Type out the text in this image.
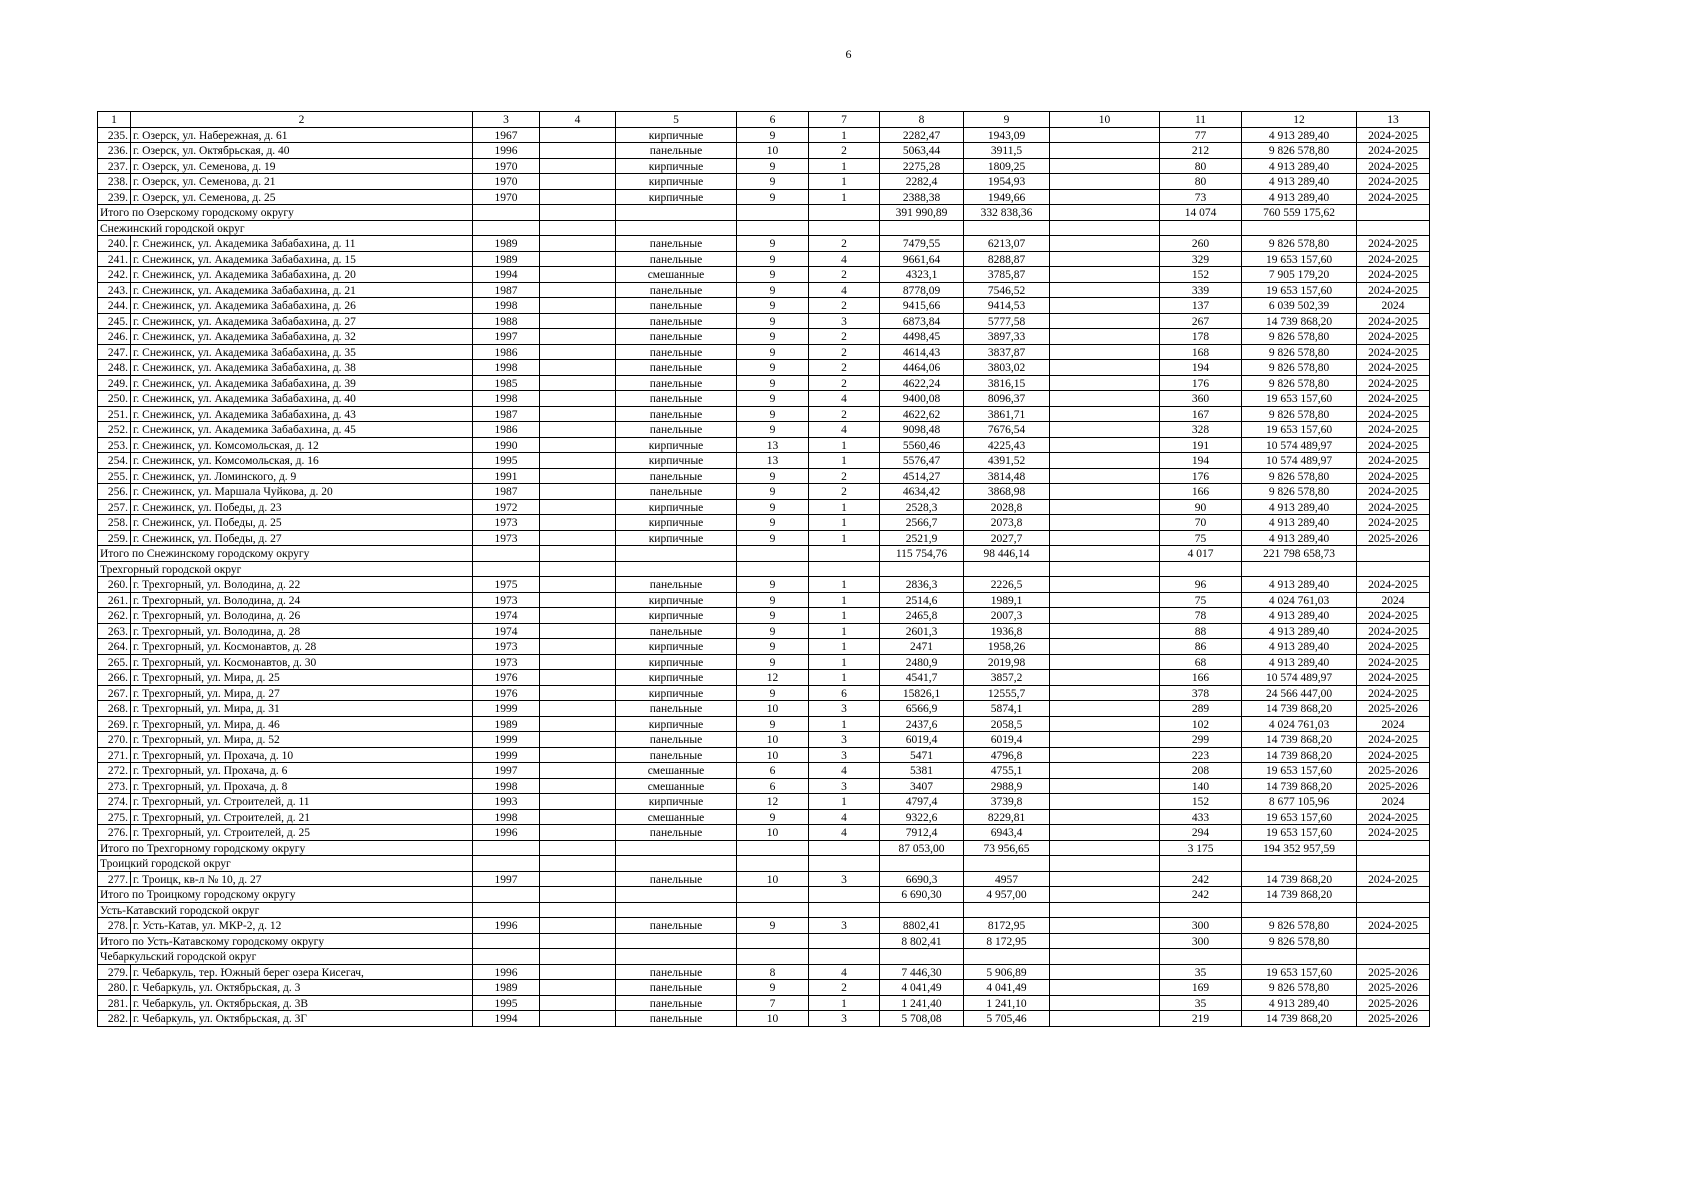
6
1	2	3	4	5	6	7	8	9	10	11	12	13
235.	г. Озерск, ул. Набережная, д. 61	1967		кирпичные	9	1	2282,47	1943,09		77	4 913 289,40	2024-2025
236.	г. Озерск, ул. Октябрьская, д. 40	1996		панельные	10	2	5063,44	3911,5		212	9 826 578,80	2024-2025
237.	г. Озерск, ул. Семенова, д. 19	1970		кирпичные	9	1	2275,28	1809,25		80	4 913 289,40	2024-2025
238.	г. Озерск, ул. Семенова, д. 21	1970		кирпичные	9	1	2282,4	1954,93		80	4 913 289,40	2024-2025
239.	г. Озерск, ул. Семенова, д. 25	1970		кирпичные	9	1	2388,38	1949,66		73	4 913 289,40	2024-2025
Итого по Озерскому городскому округу							391 990,89	332 838,36		14 074	760 559 175,62	
Снежинский городской округ												
240.	г. Снежинск, ул. Академика Забабахина, д. 11	1989		панельные	9	2	7479,55	6213,07		260	9 826 578,80	2024-2025
241.	г. Снежинск, ул. Академика Забабахина, д. 15	1989		панельные	9	4	9661,64	8288,87		329	19 653 157,60	2024-2025
242.	г. Снежинск, ул. Академика Забабахина, д. 20	1994		смешанные	9	2	4323,1	3785,87		152	7 905 179,20	2024-2025
243.	г. Снежинск, ул. Академика Забабахина, д. 21	1987		панельные	9	4	8778,09	7546,52		339	19 653 157,60	2024-2025
244.	г. Снежинск, ул. Академика Забабахина, д. 26	1998		панельные	9	2	9415,66	9414,53		137	6 039 502,39	2024
245.	г. Снежинск, ул. Академика Забабахина, д. 27	1988		панельные	9	3	6873,84	5777,58		267	14 739 868,20	2024-2025
246.	г. Снежинск, ул. Академика Забабахина, д. 32	1997		панельные	9	2	4498,45	3897,33		178	9 826 578,80	2024-2025
247.	г. Снежинск, ул. Академика Забабахина, д. 35	1986		панельные	9	2	4614,43	3837,87		168	9 826 578,80	2024-2025
248.	г. Снежинск, ул. Академика Забабахина, д. 38	1998		панельные	9	2	4464,06	3803,02		194	9 826 578,80	2024-2025
249.	г. Снежинск, ул. Академика Забабахина, д. 39	1985		панельные	9	2	4622,24	3816,15		176	9 826 578,80	2024-2025
250.	г. Снежинск, ул. Академика Забабахина, д. 40	1998		панельные	9	4	9400,08	8096,37		360	19 653 157,60	2024-2025
251.	г. Снежинск, ул. Академика Забабахина, д. 43	1987		панельные	9	2	4622,62	3861,71		167	9 826 578,80	2024-2025
252.	г. Снежинск, ул. Академика Забабахина, д. 45	1986		панельные	9	4	9098,48	7676,54		328	19 653 157,60	2024-2025
253.	г. Снежинск, ул. Комсомольская, д. 12	1990		кирпичные	13	1	5560,46	4225,43		191	10 574 489,97	2024-2025
254.	г. Снежинск, ул. Комсомольская, д. 16	1995		кирпичные	13	1	5576,47	4391,52		194	10 574 489,97	2024-2025
255.	г. Снежинск, ул. Ломинского, д. 9	1991		панельные	9	2	4514,27	3814,48		176	9 826 578,80	2024-2025
256.	г. Снежинск, ул. Маршала Чуйкова, д. 20	1987		панельные	9	2	4634,42	3868,98		166	9 826 578,80	2024-2025
257.	г. Снежинск, ул. Победы, д. 23	1972		кирпичные	9	1	2528,3	2028,8		90	4 913 289,40	2024-2025
258.	г. Снежинск, ул. Победы, д. 25	1973		кирпичные	9	1	2566,7	2073,8		70	4 913 289,40	2024-2025
259.	г. Снежинск, ул. Победы, д. 27	1973		кирпичные	9	1	2521,9	2027,7		75	4 913 289,40	2025-2026
Итого по Снежинскому городскому округу							115 754,76	98 446,14		4 017	221 798 658,73	
Трехгорный городской округ												
260.	г. Трехгорный, ул. Володина, д. 22	1975		панельные	9	1	2836,3	2226,5		96	4 913 289,40	2024-2025
261.	г. Трехгорный, ул. Володина, д. 24	1973		кирпичные	9	1	2514,6	1989,1		75	4 024 761,03	2024
262.	г. Трехгорный, ул. Володина, д. 26	1974		кирпичные	9	1	2465,8	2007,3		78	4 913 289,40	2024-2025
263.	г. Трехгорный, ул. Володина, д. 28	1974		панельные	9	1	2601,3	1936,8		88	4 913 289,40	2024-2025
264.	г. Трехгорный, ул. Космонавтов, д. 28	1973		кирпичные	9	1	2471	1958,26		86	4 913 289,40	2024-2025
265.	г. Трехгорный, ул. Космонавтов, д. 30	1973		кирпичные	9	1	2480,9	2019,98		68	4 913 289,40	2024-2025
266.	г. Трехгорный, ул. Мира, д. 25	1976		кирпичные	12	1	4541,7	3857,2		166	10 574 489,97	2024-2025
267.	г. Трехгорный, ул. Мира, д. 27	1976		кирпичные	9	6	15826,1	12555,7		378	24 566 447,00	2024-2025
268.	г. Трехгорный, ул. Мира, д. 31	1999		панельные	10	3	6566,9	5874,1		289	14 739 868,20	2025-2026
269.	г. Трехгорный, ул. Мира, д. 46	1989		кирпичные	9	1	2437,6	2058,5		102	4 024 761,03	2024
270.	г. Трехгорный, ул. Мира, д. 52	1999		панельные	10	3	6019,4	6019,4		299	14 739 868,20	2024-2025
271.	г. Трехгорный, ул. Прохача, д. 10	1999		панельные	10	3	5471	4796,8		223	14 739 868,20	2024-2025
272.	г. Трехгорный, ул. Прохача, д. 6	1997		смешанные	6	4	5381	4755,1		208	19 653 157,60	2025-2026
273.	г. Трехгорный, ул. Прохача, д. 8	1998		смешанные	6	3	3407	2988,9		140	14 739 868,20	2025-2026
274.	г. Трехгорный, ул. Строителей, д. 11	1993		кирпичные	12	1	4797,4	3739,8		152	8 677 105,96	2024
275.	г. Трехгорный, ул. Строителей, д. 21	1998		смешанные	9	4	9322,6	8229,81		433	19 653 157,60	2024-2025
276.	г. Трехгорный, ул. Строителей, д. 25	1996		панельные	10	4	7912,4	6943,4		294	19 653 157,60	2024-2025
Итого по Трехгорному городскому округу							87 053,00	73 956,65		3 175	194 352 957,59	
Троицкий городской округ												
277.	г. Троицк, кв-л № 10, д. 27	1997		панельные	10	3	6690,3	4957		242	14 739 868,20	2024-2025
Итого по Троицкому городскому округу							6 690,30	4 957,00		242	14 739 868,20	
Усть-Катавский городской округ												
278.	г. Усть-Катав, ул. МКР-2, д. 12	1996		панельные	9	3	8802,41	8172,95		300	9 826 578,80	2024-2025
Итого по Усть-Катавскому городскому округу							8 802,41	8 172,95		300	9 826 578,80	
Чебаркульский городской округ												
279.	г. Чебаркуль, тер. Южный берег озера Кисегач,	1996		панельные	8	4	7 446,30	5 906,89		35	19 653 157,60	2025-2026
280.	г. Чебаркуль, ул. Октябрьская, д. 3	1989		панельные	9	2	4 041,49	4 041,49		169	9 826 578,80	2025-2026
281.	г. Чебаркуль, ул. Октябрьская, д. 3В	1995		панельные	7	1	1 241,40	1 241,10		35	4 913 289,40	2025-2026
282.	г. Чебаркуль, ул. Октябрьская, д. 3Г	1994		панельные	10	3	5 708,08	5 705,46		219	14 739 868,20	2025-2026
